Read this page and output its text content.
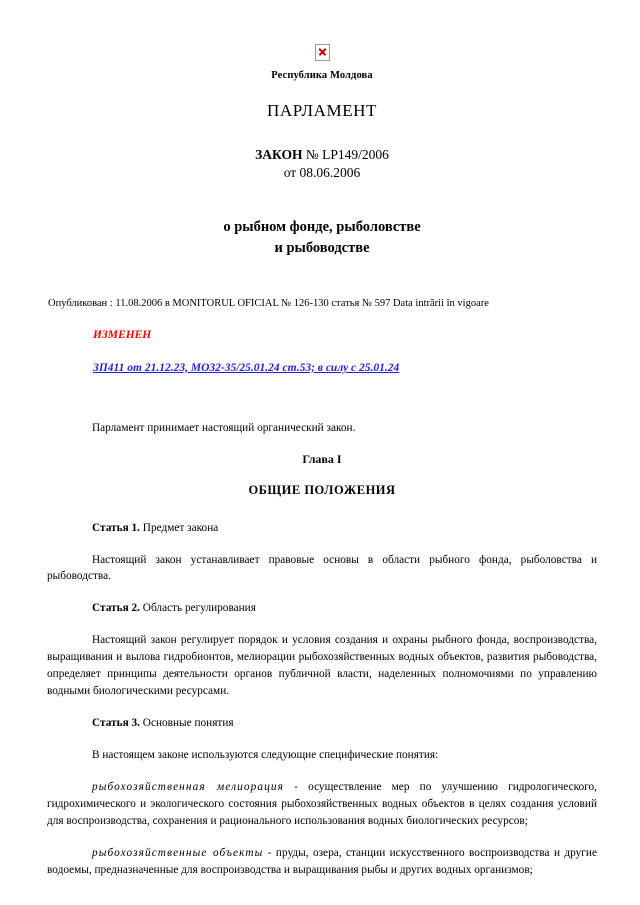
Республика Молдова
ПАРЛАМЕНТ
ЗАКОН № LP149/2006
от 08.06.2006
о рыбном фонде, рыболовстве
и рыбоводстве
Опубликован : 11.08.2006 в MONITORUL OFICIAL № 126-130 статья № 597 Data intrării în vigoare
ИЗМЕНЕН
ЗП411 от 21.12.23, МО32-35/25.01.24 ст.53; в силу с 25.01.24
Парламент принимает настоящий органический закон.
Глава I
ОБЩИЕ ПОЛОЖЕНИЯ
Статья 1. Предмет закона
Настоящий закон устанавливает правовые основы в области рыбного фонда, рыболовства и рыбоводства.
Статья 2. Область регулирования
Настоящий закон регулирует порядок и условия создания и охраны рыбного фонда, воспроизводства, выращивания и вылова гидробионтов, мелиорации рыбохозяйственных водных объектов, развития рыбоводства, определяет принципы деятельности органов публичной власти, наделенных полномочиями по управлению водными биологическими ресурсами.
Статья 3. Основные понятия
В настоящем законе используются следующие специфические понятия:
рыбохозяйственная мелиорация - осуществление мер по улучшению гидрологического, гидрохимического и экологического состояния рыбохозяйственных водных объектов в целях создания условий для воспроизводства, сохранения и рационального использования водных биологических ресурсов;
рыбохозяйственные объекты - пруды, озера, станции искусственного воспроизводства и другие водоемы, предназначенные для воспроизводства и выращивания рыбы и других водных организмов;
